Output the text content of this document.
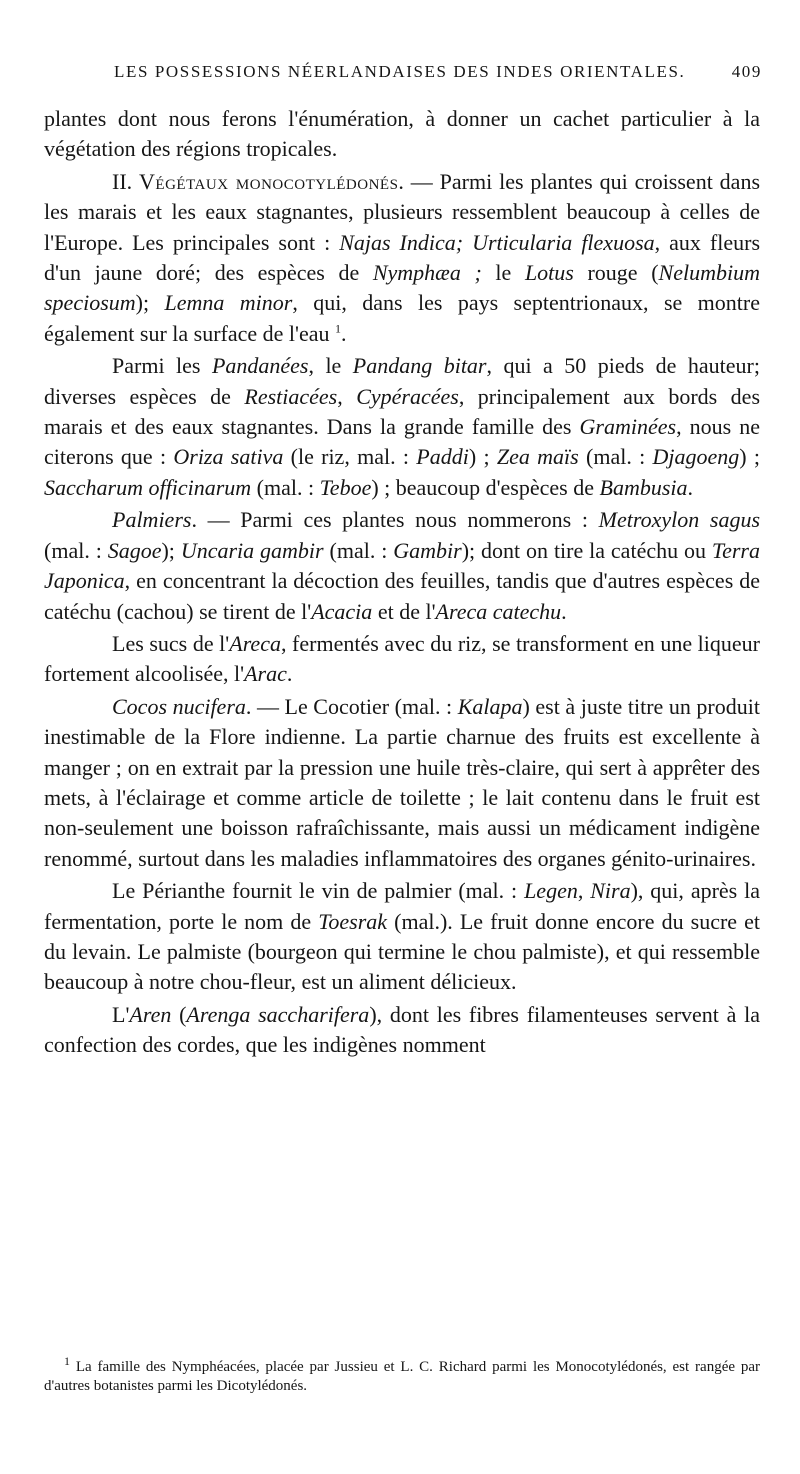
LES POSSESSIONS NÉERLANDAISES DES INDES ORIENTALES.	409

plantes dont nous ferons l'énumération, à donner un cachet particulier à la végétation des régions tropicales.

II. Végétaux monocotylédonés. — Parmi les plantes qui croissent dans les marais et les eaux stagnantes, plusieurs ressemblent beaucoup à celles de l'Europe. Les principales sont : Najas Indica; Urticularia flexuosa, aux fleurs d'un jaune doré; des espèces de Nymphæa ; le Lotus rouge (Nelumbium speciosum); Lemna minor, qui, dans les pays septentrionaux, se montre également sur la surface de l'eau $^1$.

Parmi les Pandanées, le Pandang bitar, qui a 50 pieds de hauteur; diverses espèces de Restiacées, Cypéracées, principalement aux bords des marais et des eaux stagnantes. Dans la grande famille des Graminées, nous ne citerons que : Oriza sativa (le riz, mal. : Paddi) ; Zea maïs (mal. : Djagoeng) ; Saccharum officinarum (mal. : Teboe) ; beaucoup d'espèces de Bambusia.

Palmiers. — Parmi ces plantes nous nommerons : Metroxylon sagus (mal. : Sagoe); Uncaria gambir (mal. : Gambir); dont on tire la catéchu ou Terra Japonica, en concentrant la décoction des feuilles, tandis que d'autres espèces de catéchu (cachou) se tirent de l'Acacia et de l'Areca catechu.

Les sucs de l'Areca, fermentés avec du riz, se transforment en une liqueur fortement alcoolisée, l'Arac.

Cocos nucifera. — Le Cocotier (mal. : Kalapa) est à juste titre un produit inestimable de la Flore indienne. La partie charnue des fruits est excellente à manger ; on en extrait par la pression une huile très-claire, qui sert à apprêter des mets, à l'éclairage et comme article de toilette ; le lait contenu dans le fruit est non-seulement une boisson rafraîchissante, mais aussi un médicament indigène renommé, surtout dans les maladies inflammatoires des organes génito-urinaires.

Le Périanthe fournit le vin de palmier (mal. : Legen, Nira), qui, après la fermentation, porte le nom de Toesrak (mal.). Le fruit donne encore du sucre et du levain. Le palmiste (bourgeon qui termine le chou palmiste), et qui ressemble beaucoup à notre chou-fleur, est un aliment délicieux.

L'Aren (Arenga saccharifera), dont les fibres filamenteuses servent à la confection des cordes, que les indigènes nomment

$^1$ La famille des Nymphéacées, placée par Jussieu et L. C. Richard parmi les Monocotylédonés, est rangée par d'autres botanistes parmi les Dicotylédonés.
